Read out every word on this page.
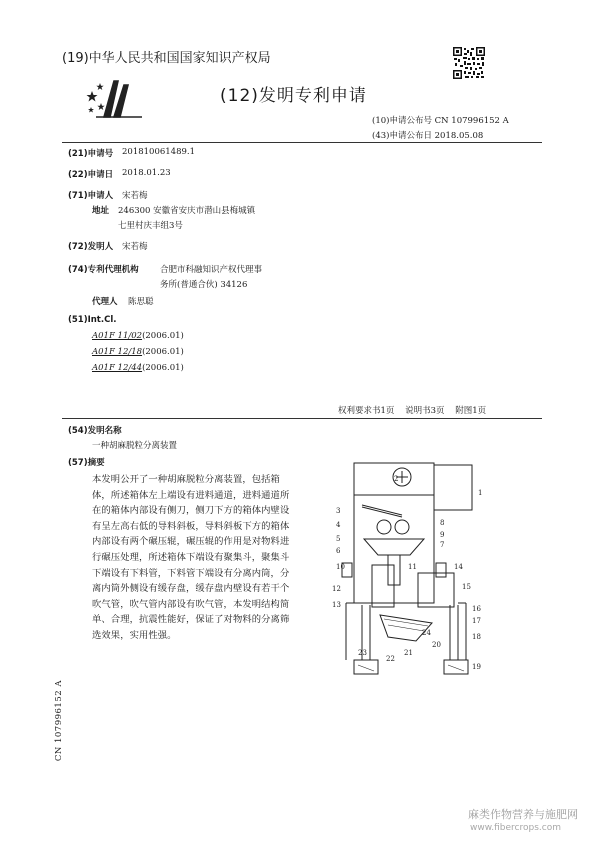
(19)中华人民共和国国家知识产权局
(12)发明专利申请
(10)申请公布号 CN 107996152 A
(43)申请公布日 2018.05.08
(21)申请号 201810061489.1
(22)申请日 2018.01.23
(71)申请人 宋若梅
地址 246300 安徽省安庆市潜山县梅城镇
七里村庆丰组3号
(72)发明人 宋若梅
(74)专利代理机构	合肥市科融知识产权代理事
务所(普通合伙) 34126
代理人 陈思聪
(51)Int.Cl.
A01F 11/02(2006.01)
A01F 12/18(2006.01)
A01F 12/44(2006.01)
权利要求书1页 说明书3页 附图1页
(54)发明名称
一种胡麻脱粒分离装置
(57)摘要
本发明公开了一种胡麻脱粒分离装置，包括箱体，所述箱体左上端设有进料通道，进料通道所在的箱体内部设有侧刀，侧刀下方的箱体内壁设有呈左高右低的导料斜板，导料斜板下方的箱体内部设有两个碾压辊，碾压辊的作用是对物料进行碾压处理，所述箱体下端设有聚集斗，聚集斗下端设有下料管，下料管下端设有分离内筒，分离内筒外侧设有缓存盘，缓存盘内壁设有若干个吹气管，吹气管内部设有吹气管，本发明结构简单、合理，抗震性能好，保证了对物料的分离筛选效果，实用性强。
CN 107996152 A
2
1
3
4
5
6
9
8
7
10	11	14
15
12
13	16
17
18
19
20
21
22
23
24
麻类作物营养与施肥网
www.fibercrops.com
